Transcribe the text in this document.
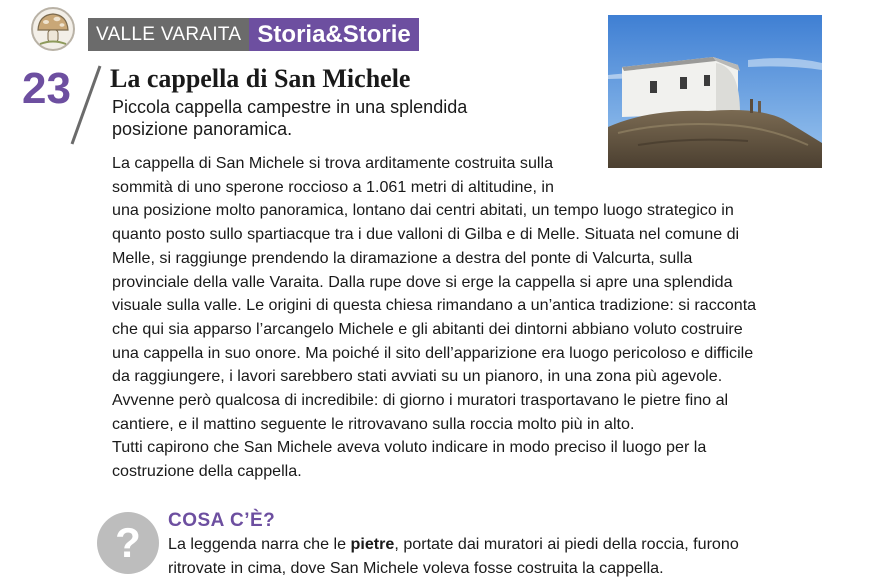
VALLE VARAITA Storia&Storie
23 La cappella di San Michele
Piccola cappella campestre in una splendida
posizione panoramica.
La cappella di San Michele si trova arditamente costruita sulla
sommità di uno sperone roccioso a 1.061 metri di altitudine, in
una posizione molto panoramica, lontano dai centri abitati, un tempo luogo strategico in
quanto posto sullo spartiacque tra i due valloni di Gilba e di Melle. Situata nel comune di
Melle, si raggiunge prendendo la diramazione a destra del ponte di Valcurta, sulla
provinciale della valle Varaita. Dalla rupe dove si erge la cappella si apre una splendida
visuale sulla valle. Le origini di questa chiesa rimandano a un’antica tradizione: si racconta
che qui sia apparso l’arcangelo Michele e gli abitanti dei dintorni abbiano voluto costruire
una cappella in suo onore. Ma poiché il sito dell’apparizione era luogo pericoloso e difficile
da raggiungere, i lavori sarebbero stati avviati su un pianoro, in una zona più agevole.
Avvenne però qualcosa di incredibile: di giorno i muratori trasportavano le pietre fino al
cantiere, e il mattino seguente le ritrovavano sulla roccia molto più in alto.
Tutti capirono che San Michele aveva voluto indicare in modo preciso il luogo per la
costruzione della cappella.
? COSA C’È?
La leggenda narra che le pietre, portate dai muratori ai piedi della roccia, furono
ritrovate in cima, dove San Michele voleva fosse costruita la cappella.
